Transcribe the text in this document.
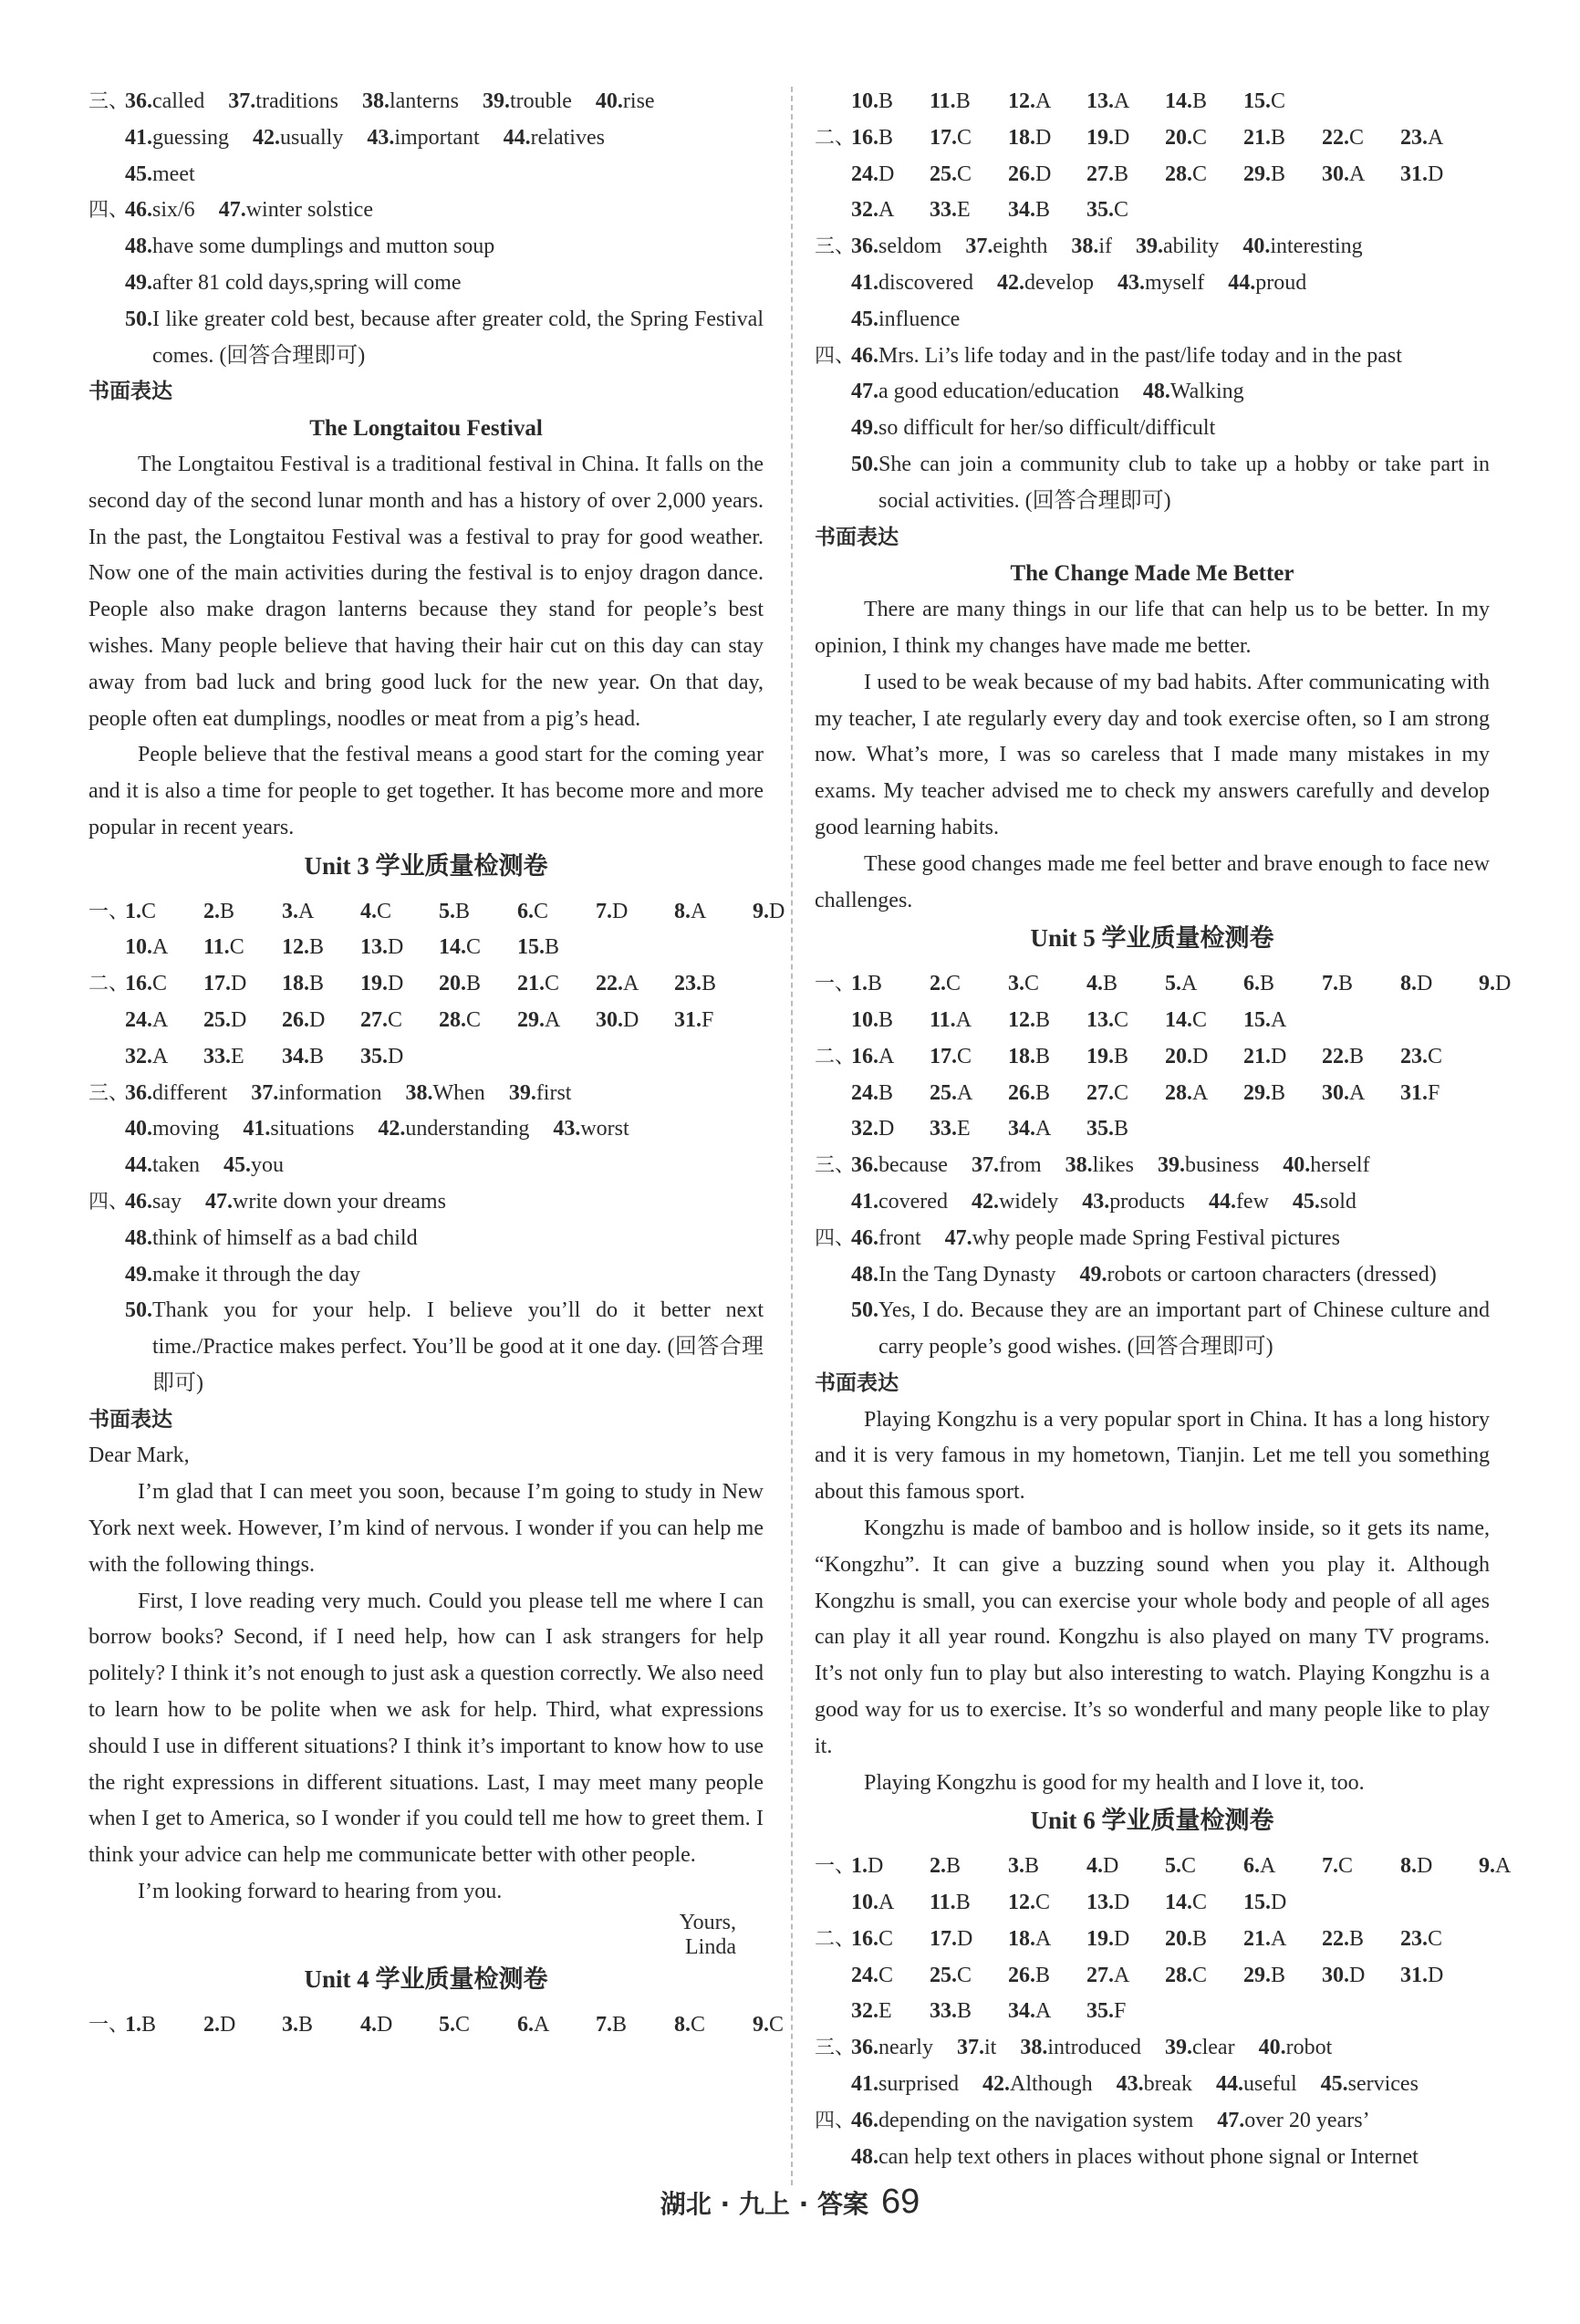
三、
36.called 37.traditions 38.lanterns 39.trouble 40.rise
41.guessing 42.usually 43.important 44.relatives
45.meet
四、
46.six/6 47.winter solstice
48.have some dumplings and mutton soup
49.after 81 cold days,spring will come
50. I like greater cold best, because after greater cold, the Spring Festival comes. (回答合理即可)
书面表达
The Longtaitou Festival
The Longtaitou Festival is a traditional festival in China. It falls on the second day of the second lunar month and has a history of over 2,000 years. In the past, the Longtaitou Festival was a festival to pray for good weather. Now one of the main activities during the festival is to enjoy dragon dance. People also make dragon lanterns because they stand for people’s best wishes. Many people believe that having their hair cut on this day can stay away from bad luck and bring good luck for the new year. On that day, people often eat dumplings, noodles or meat from a pig’s head.
People believe that the festival means a good start for the coming year and it is also a time for people to get together. It has become more and more popular in recent years.
Unit 3 学业质量检测卷
一、
1.C 2.B 3.A 4.C 5.B 6.C 7.D 8.A 9.D
10.A 11.C 12.B 13.D 14.C 15.B
二、
16.C 17.D 18.B 19.D 20.B 21.C 22.A 23.B
24.A 25.D 26.D 27.C 28.C 29.A 30.D 31.F
32.A 33.E 34.B 35.D
三、
36.different 37.information 38.When 39.first
40.moving 41.situations 42.understanding 43.worst
44.taken 45.you
四、
46.say 47.write down your dreams
48.think of himself as a bad child
49.make it through the day
50. Thank you for your help. I believe you’ll do it better next time./Practice makes perfect. You’ll be good at it one day. (回答合理即可)
书面表达
Dear Mark,
I’m glad that I can meet you soon, because I’m going to study in New York next week. However, I’m kind of nervous. I wonder if you can help me with the following things.
First, I love reading very much. Could you please tell me where I can borrow books? Second, if I need help, how can I ask strangers for help politely? I think it’s not enough to just ask a question correctly. We also need to learn how to be polite when we ask for help. Third, what expressions should I use in different situations? I think it’s important to know how to use the right expressions in different situations. Last, I may meet many people when I get to America, so I wonder if you could tell me how to greet them. I think your advice can help me communicate better with other people.
I’m looking forward to hearing from you.
Yours,
Linda
Unit 4 学业质量检测卷
一、
1.B 2.D 3.B 4.D 5.C 6.A 7.B 8.C 9.C
10.B 11.B 12.A 13.A 14.B 15.C
二、
16.B 17.C 18.D 19.D 20.C 21.B 22.C 23.A
24.D 25.C 26.D 27.B 28.C 29.B 30.A 31.D
32.A 33.E 34.B 35.C
三、
36.seldom 37.eighth 38.if 39.ability 40.interesting
41.discovered 42.develop 43.myself 44.proud
45.influence
四、
46. Mrs. Li’s life today and in the past/life today and in the past
47.a good education/education 48.Walking
49.so difficult for her/so difficult/difficult
50. She can join a community club to take up a hobby or take part in social activities. (回答合理即可)
书面表达
The Change Made Me Better
There are many things in our life that can help us to be better. In my opinion, I think my changes have made me better.
I used to be weak because of my bad habits. After communicating with my teacher, I ate regularly every day and took exercise often, so I am strong now. What’s more, I was so careless that I made many mistakes in my exams. My teacher advised me to check my answers carefully and develop good learning habits.
These good changes made me feel better and brave enough to face new challenges.
Unit 5 学业质量检测卷
一、
1.B 2.C 3.C 4.B 5.A 6.B 7.B 8.D 9.D
10.B 11.A 12.B 13.C 14.C 15.A
二、
16.A 17.C 18.B 19.B 20.D 21.D 22.B 23.C
24.B 25.A 26.B 27.C 28.A 29.B 30.A 31.F
32.D 33.E 34.A 35.B
三、
36.because 37.from 38.likes 39.business 40.herself
41.covered 42.widely 43.products 44.few 45.sold
四、
46.front 47.why people made Spring Festival pictures
48.In the Tang Dynasty 49.robots or cartoon characters (dressed)
50. Yes, I do. Because they are an important part of Chinese culture and carry people’s good wishes. (回答合理即可)
书面表达
Playing Kongzhu is a very popular sport in China. It has a long history and it is very famous in my hometown, Tianjin. Let me tell you something about this famous sport.
Kongzhu is made of bamboo and is hollow inside, so it gets its name, “Kongzhu”. It can give a buzzing sound when you play it. Although Kongzhu is small, you can exercise your whole body and people of all ages can play it all year round. Kongzhu is also played on many TV programs. It’s not only fun to play but also interesting to watch. Playing Kongzhu is a good way for us to exercise. It’s so wonderful and many people like to play it.
Playing Kongzhu is good for my health and I love it, too.
Unit 6 学业质量检测卷
一、
1.D 2.B 3.B 4.D 5.C 6.A 7.C 8.D 9.A
10.A 11.B 12.C 13.D 14.C 15.D
二、
16.C 17.D 18.A 19.D 20.B 21.A 22.B 23.C
24.C 25.C 26.B 27.A 28.C 29.B 30.D 31.D
32.E 33.B 34.A 35.F
三、
36.nearly 37.it 38.introduced 39.clear 40.robot
41.surprised 42.Although 43.break 44.useful 45.services
四、
46.depending on the navigation system 47.over 20 years’
48.can help text others in places without phone signal or Internet
湖北 · 九上 · 答案 69
